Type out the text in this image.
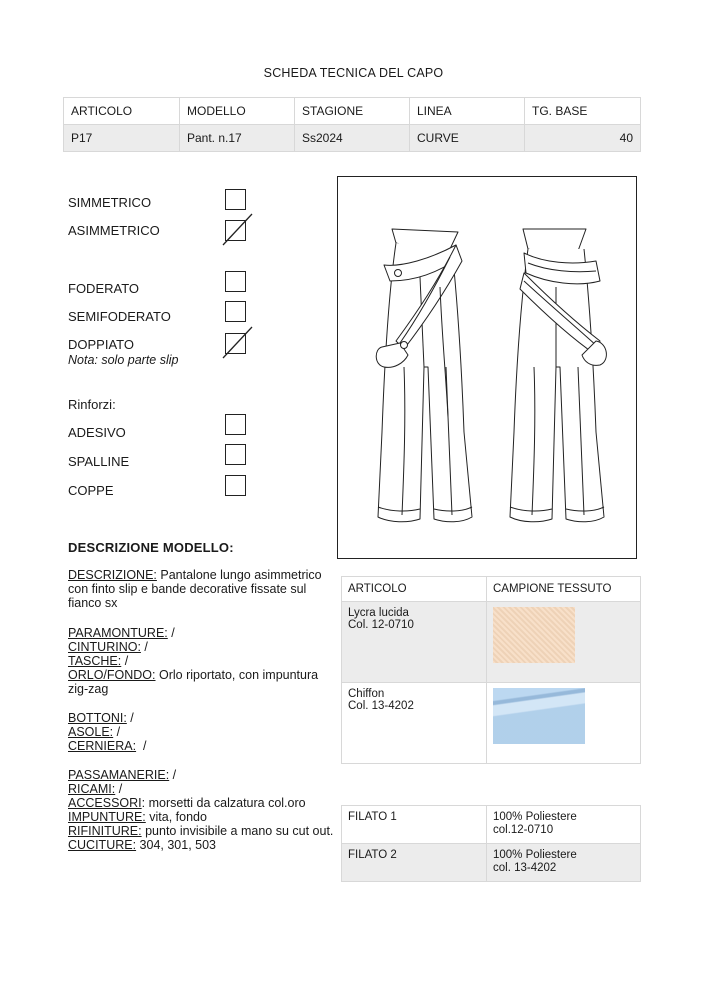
SCHEDA TECNICA DEL CAPO
ARTICOLO	MODELLO	STAGIONE	LINEA	TG. BASE
P17	Pant. n.17	Ss2024	CURVE	40
SIMMETRICO
ASIMMETRICO
FODERATO
SEMIFODERATO
DOPPIATO
Nota: solo parte slip
Rinforzi:
ADESIVO
SPALLINE
COPPE
DESCRIZIONE MODELLO:

DESCRIZIONE: Pantalone lungo asimmetrico con finto slip e bande decorative fissate sul fianco sx

PARAMONTURE: /

CINTURINO: /

TASCHE: /

ORLO/FONDO: Orlo riportato, con impuntura zig-zag

BOTTONI: /

ASOLE: /

CERNIERA:  /

PASSAMANERIE: /

RICAMI: /

ACCESSORI: morsetti da calzatura col.oro

IMPUNTURE: vita, fondo

RIFINITURE: punto invisibile a mano su cut out.

CUCITURE: 304, 301, 503

ARTICOLO	CAMPIONE TESSUTO

Lycra lucida
Col. 12-0710	

Chiffon
Col. 13-4202	

FILATO 1	100% Poliestere
col.12-0710

FILATO 2	100% Poliestere
col. 13-4202
